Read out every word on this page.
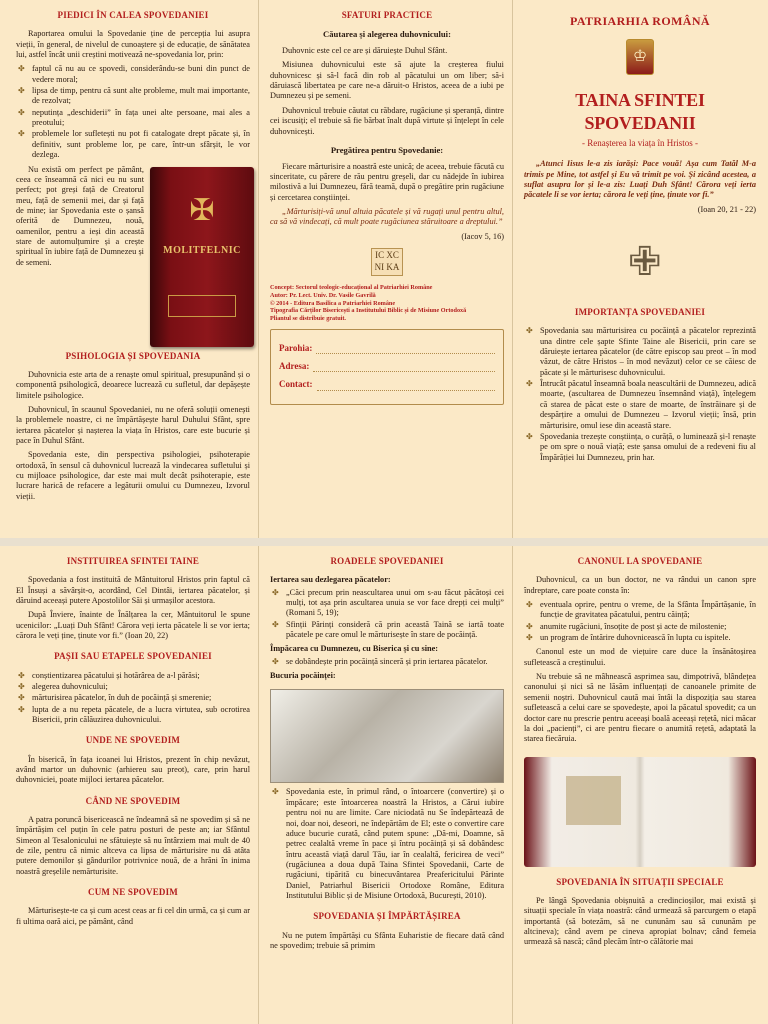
PIEDICI ÎN CALEA SPOVEDANIEI

Raportarea omului la Spovedanie ține de percepția lui asupra vieții, în general, de nivelul de cunoaștere și de educație, de sănătatea lui, astfel încât unii creștini motivează ne-spovedania lor, prin:

✤ faptul că nu au ce spovedi, considerându-se buni din punct de vedere moral;
✤ lipsa de timp, pentru că sunt alte probleme, mult mai importante, de rezolvat;
✤ neputința „deschiderii” în fața unei alte persoane, mai ales a preotului;
✤ problemele lor sufletești nu pot fi catalogate drept păcate și, în definitiv, sunt probleme lor, pe care, într-un sfârșit, le vor dezlega.
✠
MOLITFELNIC

Nu există om perfect pe pământ, ceea ce înseamnă că nici eu nu sunt perfect; pot greși față de Creatorul meu, față de semenii mei, dar și față de mine; iar Spovedania este o șansă oferită de Dumnezeu, nouă, oamenilor, pentru a ieși din această stare de automulțumire și a crește spiritual în iubire față de Dumnezeu și de semeni.

PSIHOLOGIA ȘI SPOVEDANIA

Duhovnicia este arta de a renaște omul spiritual, presupunând și o componentă psihologică, deoarece lucrează cu sufletul, dar depășește limitele psihologice.

Duhovnicul, în scaunul Spovedaniei, nu ne oferă soluții omenești la problemele noastre, ci ne împărtășește harul Duhului Sfânt, spre iertarea păcatelor și nașterea la viața în Hristos, care este bucurie și pace în Duhul Sfânt.

Spovedania este, din perspectiva psihologiei, psihoterapie ortodoxă, în sensul că duhovnicul lucrează la vindecarea sufletului și cu mijloace psihologice, dar este mai mult decât psihoterapie, este lucrare harică de refacere a legăturii omului cu Dumnezeu, Izvorul vieții.

SFATURI PRACTICE
Căutarea și alegerea duhovnicului:

Duhovnic este cel ce are și dăruiește Duhul Sfânt.

Misiunea duhovnicului este să ajute la creșterea fiului duhovnicesc și să-l facă din rob al păcatului un om liber; să-i dăruiască libertatea pe care ne-a dăruit-o Hristos, aceea de a iubi pe Dumnezeu și pe semeni.

Duhovnicul trebuie căutat cu răbdare, rugăciune și speranță, dintre cei iscusiți; el trebuie să fie bărbat înalt după virtute și înțelept în cele duhovnicești.

Pregătirea pentru Spovedanie:

Fiecare mărturisire a noastră este unică; de aceea, trebuie făcută cu sinceritate, cu părere de rău pentru greșeli, dar cu nădejde în iubirea milostivă a lui Dumnezeu, fără teamă, după o pregătire prin rugăciune și cercetarea conștiinței.

„Mărturisiți-vă unul altuia păcatele și vă rugați unul pentru altul, ca să vă vindecați, că mult poate rugăciunea stăruitoare a dreptului.”

(Iacov 5, 16)
IC XC NI KA
Concept: Sectorul teologic-educațional al Patriarhiei Române
Autor: Pr. Lect. Univ. Dr. Vasile Gavrilă
© 2014 - Editura Basilica a Patriarhiei Române
Tipografia Cărților Bisericești a Institutului Biblic și de Misiune Ortodoxă
Pliantul se distribuie gratuit.
Parohia:
Adresa:
Contact:
PATRIARHIA ROMÂNĂ
♔
TAINA SFINTEI SPOVEDANII
- Renașterea la viața în Hristos -

„Atunci Iisus le-a zis iarăși: Pace vouă! Așa cum Tatăl M-a trimis pe Mine, tot astfel și Eu vă trimit pe voi. Și zicând acestea, a suflat asupra lor și le-a zis: Luați Duh Sfânt! Cărora veți ierta păcatele li se vor ierta; cărora le veți ține, ținute vor fi.”

(Ioan 20, 21 - 22)
✙
IMPORTANȚA SPOVEDANIEI
✤ Spovedania sau mărturisirea cu pocăință a păcatelor reprezintă una dintre cele șapte Sfinte Taine ale Bisericii, prin care se dăruiește iertarea păcatelor (de către episcop sau preot – în mod văzut, de către Hristos – în mod nevăzut) celor ce se căiesc de păcate și le mărturisesc duhovnicului.
✤ Întrucât păcatul înseamnă boala neascultării de Dumnezeu, adică moarte, (ascultarea de Dumnezeu însemnând viață), înțelegem că starea de păcat este o stare de moarte, de înstrăinare și de despărțire a omului de Dumnezeu – Izvorul vieții; însă, prin mărturisire, omul iese din această stare.
✤ Spovedania trezește conștiința, o curăță, o luminează și-l renaște pe om spre o nouă viață; este șansa omului de a redeveni fiu al Împărăției lui Dumnezeu, prin har.
INSTITUIREA SFINTEI TAINE

Spovedania a fost instituită de Mântuitorul Hristos prin faptul că El Însuși a săvârșit-o, acordând, Cel Dintâi, iertarea păcatelor, și dăruind aceeași putere Apostolilor Săi și urmașilor acestora.

După Înviere, înainte de Înălțarea la cer, Mântuitorul le spune ucenicilor: „Luați Duh Sfânt! Cărora veți ierta păcatele li se vor ierta; cărora le veți ține, ținute vor fi.” (Ioan 20, 22)

PAȘII SAU ETAPELE SPOVEDANIEI
✤ conștientizarea păcatului și hotărârea de a-l părăsi;
✤ alegerea duhovnicului;
✤ mărturisirea păcatelor, în duh de pocăință și smerenie;
✤ lupta de a nu repeta păcatele, de a lucra virtutea, sub ocrotirea Bisericii, prin călăuzirea duhovnicului.
UNDE NE SPOVEDIM

În biserică, în fața icoanei lui Hristos, prezent în chip nevăzut, având martor un duhovnic (arhiereu sau preot), care, prin harul duhovniciei, poate mijloci iertarea păcatelor.

CÂND NE SPOVEDIM

A patra poruncă bisericească ne îndeamnă să ne spovedim și să ne împărtășim cel puțin în cele patru posturi de peste an; iar Sfântul Simeon al Tesalonicului ne sfătuiește să nu întârziem mai mult de 40 de zile, pentru că nimic altceva ca lipsa de mărturisire nu dă atâta putere demonilor și gândurilor potrivnice nouă, de a hrăni în inima noastră greșelile nemărturisite.

CUM NE SPOVEDIM

Mărturisește-te ca și cum acest ceas ar fi cel din urmă, ca și cum ar fi ultima oară aici, pe pământ, când

ROADELE SPOVEDANIEI
Iertarea sau dezlegarea păcatelor:
✤ „Căci precum prin neascultarea unui om s-au făcut păcătoși cei mulți, tot așa prin ascultarea unuia se vor face drepți cei mulți” (Romani 5, 19);
✤ Sfinții Părinți consideră că prin această Taină se iartă toate păcatele pe care omul le mărturisește în stare de pocăință.
Împăcarea cu Dumnezeu, cu Biserica și cu sine:
✤ se dobândește prin pocăință sinceră și prin iertarea păcatelor.
Bucuria pocăinței:
✤ Spovedania este, în primul rând, o întoarcere (convertire) și o împăcare; este întoarcerea noastră la Hristos, a Cărui iubire pentru noi nu are limite. Care niciodată nu Se îndepărtează de noi, doar noi, deseori, ne îndepărtăm de El; este o convertire care aduce bucurie curată, când putem spune: „Dă-mi, Doamne, să petrec cealaltă vreme în pace și întru pocăință și să dobândesc întru această viață darul Tău, iar în cealaltă, fericirea de veci” (rugăciunea a doua după Taina Sfintei Spovedanii, Carte de rugăciuni, tipărită cu binecuvântarea Preafericitului Părinte Daniel, Patriarhul Bisericii Ortodoxe Române, Editura Institutului Biblic și de Misiune Ortodoxă, București, 2010).
SPOVEDANIA ȘI ÎMPĂRTĂȘIREA

Nu ne putem împărtăși cu Sfânta Euharistie de fiecare dată când ne spovedim; trebuie să primim

CANONUL LA SPOVEDANIE

Duhovnicul, ca un bun doctor, ne va rândui un canon spre îndreptare, care poate consta în:

✤ eventuala oprire, pentru o vreme, de la Sfânta Împărtășanie, în funcție de gravitatea păcatului, pentru căință;
✤ anumite rugăciuni, însoțite de post și acte de milostenie;
✤ un program de întărire duhovnicească în lupta cu ispitele.

Canonul este un mod de viețuire care duce la însănătoșirea sufletească a creștinului.

Nu trebuie să ne mâhnească asprimea sau, dimpotrivă, blândețea canonului și nici să ne lăsăm influențați de canoanele primite de semenii noștri. Duhovnicul caută mai întâi la dispoziția sau starea sufletească a celui care se spovedește, apoi la păcatul spovedit; ca un doctor care nu prescrie pentru aceeași boală aceeași rețetă, nici măcar la doi „pacienți”, ci are pentru fiecare o anumită rețetă, adaptată la starea fiecăruia.

SPOVEDANIA ÎN SITUAȚII SPECIALE

Pe lângă Spovedania obișnuită a credincioșilor, mai există și situații speciale în viața noastră: când urmează să parcurgem o etapă importantă (să botezăm, să ne cununăm sau să cununăm pe altcineva); când avem pe cineva apropiat bolnav; când femeia urmează să nască; când plecăm într-o călătorie mai
